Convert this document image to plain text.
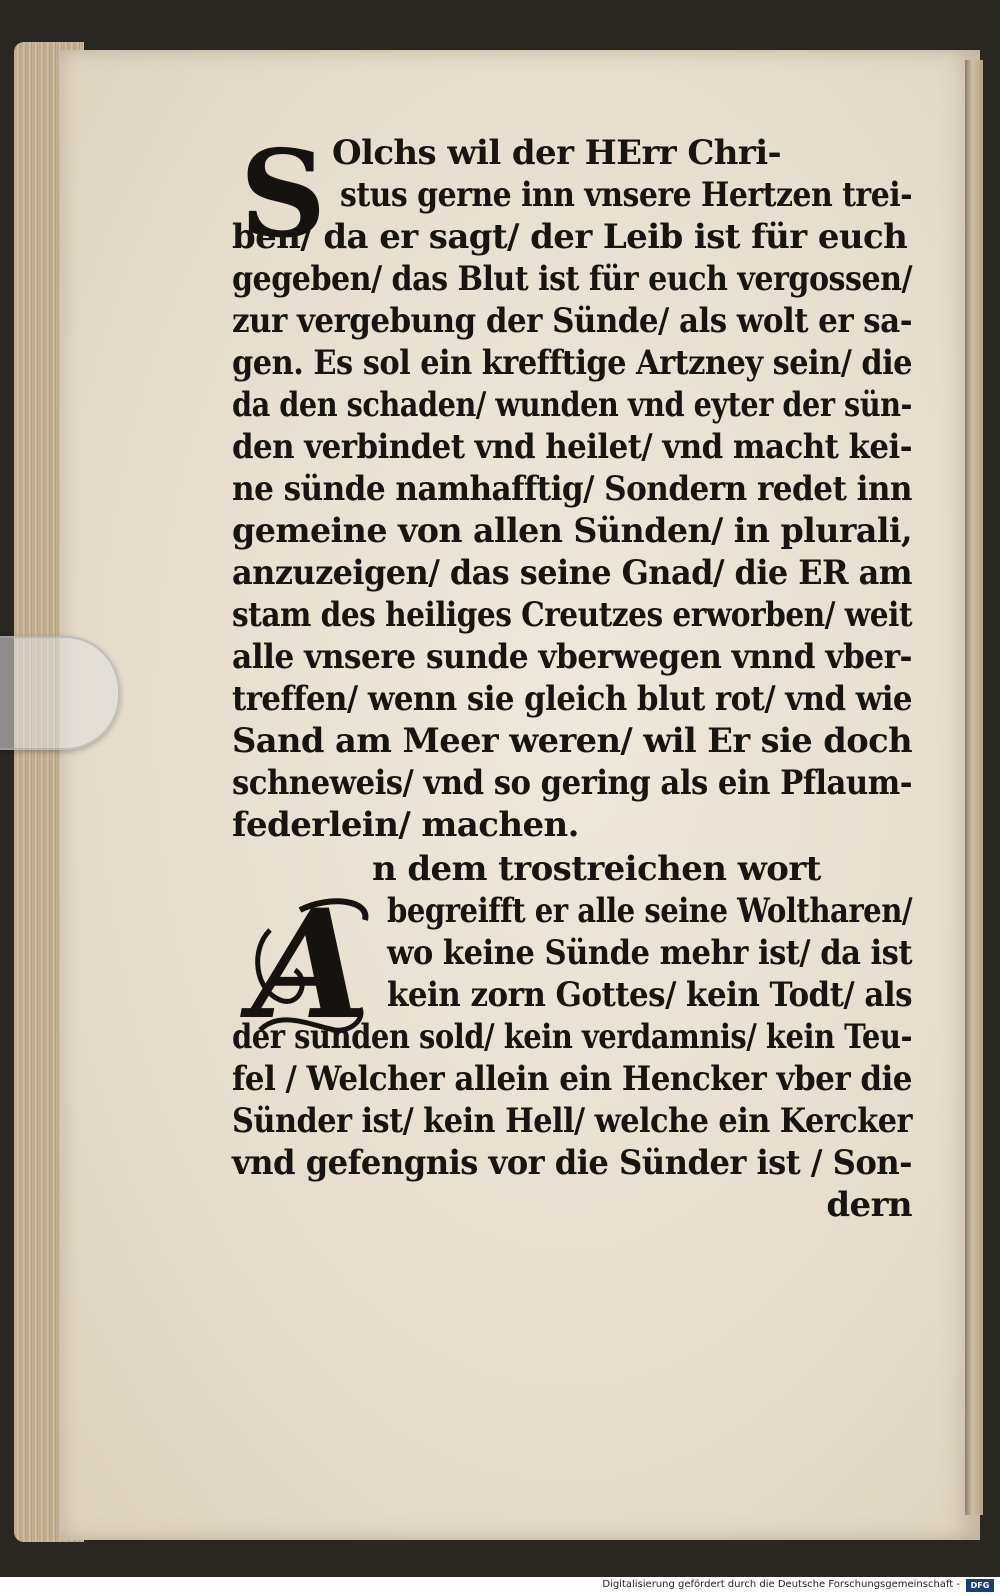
S Olchs wil der HErr Chri-
stus gerne inn vnsere Hertzen trei-
ben/ da er sagt/ der Leib ist für euch
gegeben/ das Blut ist für euch vergossen/
zur vergebung der Sünde/ als wolt er sa-
gen. Es sol ein krefftige Artzney sein/ die
da den schaden/ wunden vnd eyter der sün-
den verbindet vnd heilet/ vnd macht kei-
ne sünde namhafftig/ Sondern redet inn
gemeine von allen Sünden/ in plurali,
anzuzeigen/ das seine Gnad/ die ER am
stam des heiliges Creutzes erworben/ weit
alle vnsere sunde vberwegen vnnd vber-
treffen/ wenn sie gleich blut rot/ vnd wie
Sand am Meer weren/ wil Er sie doch
schneweis/ vnd so gering als ein Pflaum-
federlein/ machen.
n dem trostreichen wort
begreifft er alle seine Woltharen/
wo keine Sünde mehr ist/ da ist
kein zorn Gottes/ kein Todt/ als
der sunden sold/ kein verdamnis/ kein Teu-
fel / Welcher allein ein Hencker vber die
Sünder ist/ kein Hell/ welche ein Kercker
vnd gefengnis vor die Sünder ist / Son-
dern
A
Digitalisierung gefördert durch die Deutsche Forschungsgemeinschaft -	DFG
